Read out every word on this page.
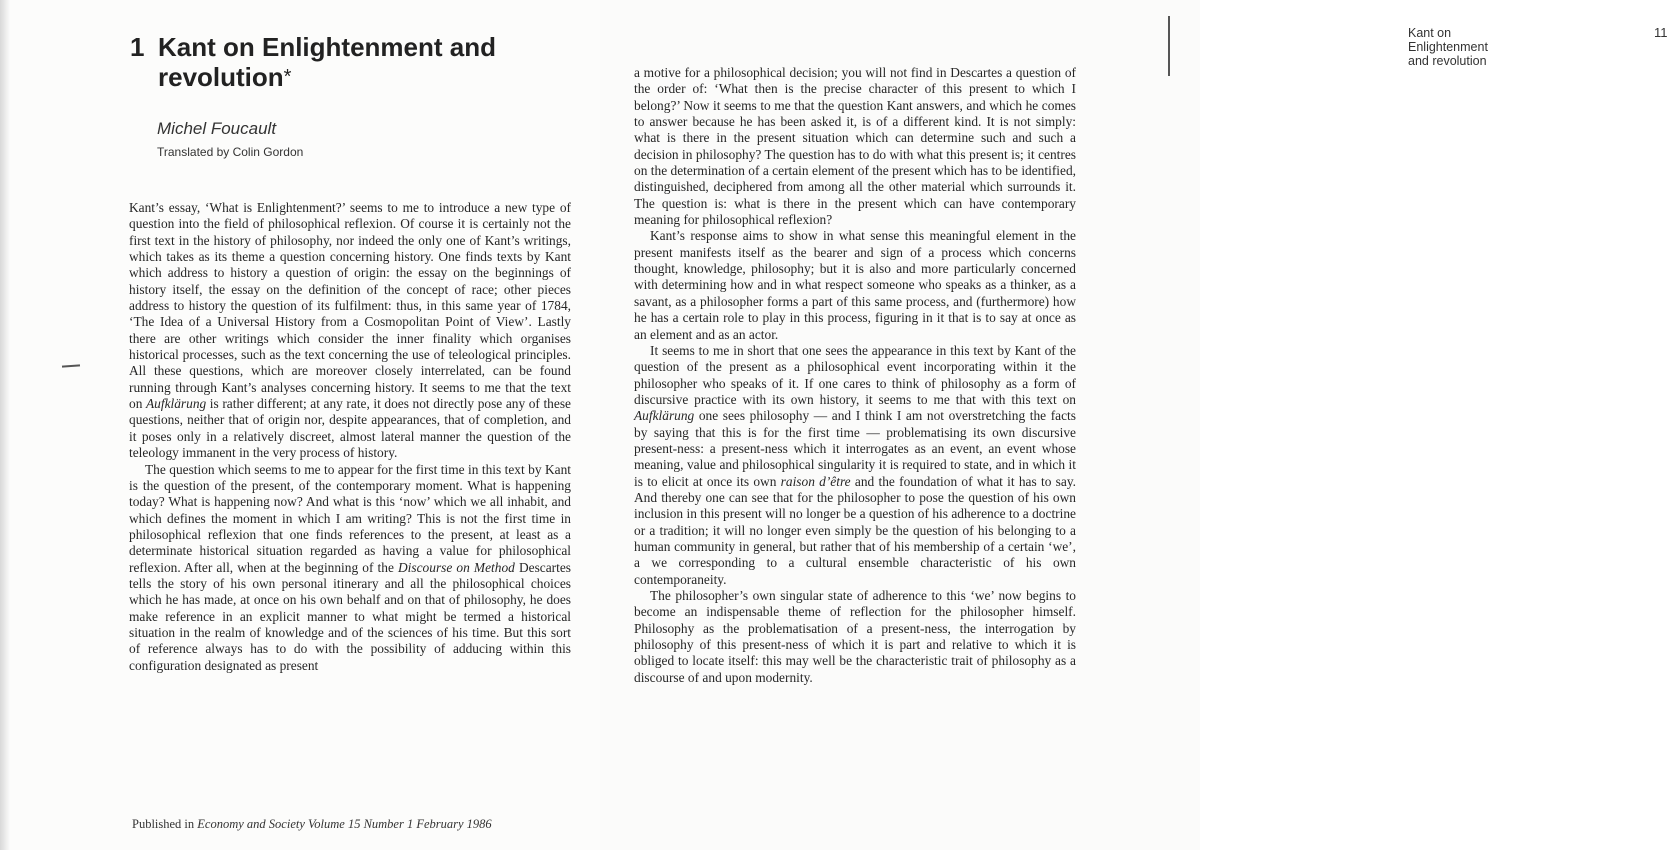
1 Kant on Enlightenment and
revolution*
Michel Foucault
Translated by Colin Gordon

Kant’s essay, ‘What is Enlightenment?’ seems to me to introduce a new type of question into the field of philosophical reflexion. Of course it is certainly not the first text in the history of philosophy, nor indeed the only one of Kant’s writings, which takes as its theme a question concerning history. One finds texts by Kant which address to history a question of origin: the essay on the beginnings of history itself, the essay on the definition of the concept of race; other pieces address to history the question of its fulfilment: thus, in this same year of 1784, ‘The Idea of a Universal History from a Cosmopolitan Point of View’. Lastly there are other writings which consider the inner finality which organises historical processes, such as the text concerning the use of teleological principles. All these questions, which are moreover closely interrelated, can be found running through Kant’s analyses concerning history. It seems to me that the text on Aufklärung is rather different; at any rate, it does not directly pose any of these questions, neither that of origin nor, despite appearances, that of completion, and it poses only in a relatively discreet, almost lateral manner the question of the teleology immanent in the very process of history.

The question which seems to me to appear for the first time in this text by Kant is the question of the present, of the contemporary moment. What is happening today? What is happening now? And what is this ‘now’ which we all inhabit, and which defines the moment in which I am writing? This is not the first time in philosophical reflexion that one finds references to the present, at least as a determinate historical situation regarded as having a value for philosophical reflexion. After all, when at the beginning of the Discourse on Method Descartes tells the story of his own personal itinerary and all the philosophical choices which he has made, at once on his own behalf and on that of philosophy, he does make reference in an explicit manner to what might be termed a historical situation in the realm of knowledge and of the sciences of his time. But this sort of reference always has to do with the possibility of adducing within this configuration designated as present

Published in Economy and Society Volume 15 Number 1 February 1986
Kant on Enlightenment and revolution
11

a motive for a philosophical decision; you will not find in Descartes a question of the order of: ‘What then is the precise character of this present to which I belong?’ Now it seems to me that the question Kant answers, and which he comes to answer because he has been asked it, is of a different kind. It is not simply: what is there in the present situation which can determine such and such a decision in philosophy? The question has to do with what this present is; it centres on the determination of a certain element of the present which has to be identified, distinguished, deciphered from among all the other material which surrounds it. The question is: what is there in the present which can have contemporary meaning for philosophical reflexion?

Kant’s response aims to show in what sense this meaningful element in the present manifests itself as the bearer and sign of a process which concerns thought, knowledge, philosophy; but it is also and more particularly concerned with determining how and in what respect someone who speaks as a thinker, as a savant, as a philosopher forms a part of this same process, and (furthermore) how he has a certain role to play in this process, figuring in it that is to say at once as an element and as an actor.

It seems to me in short that one sees the appearance in this text by Kant of the question of the present as a philosophical event incorporating within it the philosopher who speaks of it. If one cares to think of philosophy as a form of discursive practice with its own history, it seems to me that with this text on Aufklärung one sees philosophy — and I think I am not overstretching the facts by saying that this is for the first time — problematising its own discursive present-ness: a present-ness which it interrogates as an event, an event whose meaning, value and philosophical singularity it is required to state, and in which it is to elicit at once its own raison d’être and the foundation of what it has to say. And thereby one can see that for the philosopher to pose the question of his own inclusion in this present will no longer be a question of his adherence to a doctrine or a tradition; it will no longer even simply be the question of his belonging to a human community in general, but rather that of his membership of a certain ‘we’, a we corresponding to a cultural ensemble characteristic of his own contemporaneity.

The philosopher’s own singular state of adherence to this ‘we’ now begins to become an indispensable theme of reflection for the philosopher himself. Philosophy as the problematisation of a present-ness, the interrogation by philosophy of this present-ness of which it is part and relative to which it is obliged to locate itself: this may well be the characteristic trait of philosophy as a discourse of and upon modernity.
